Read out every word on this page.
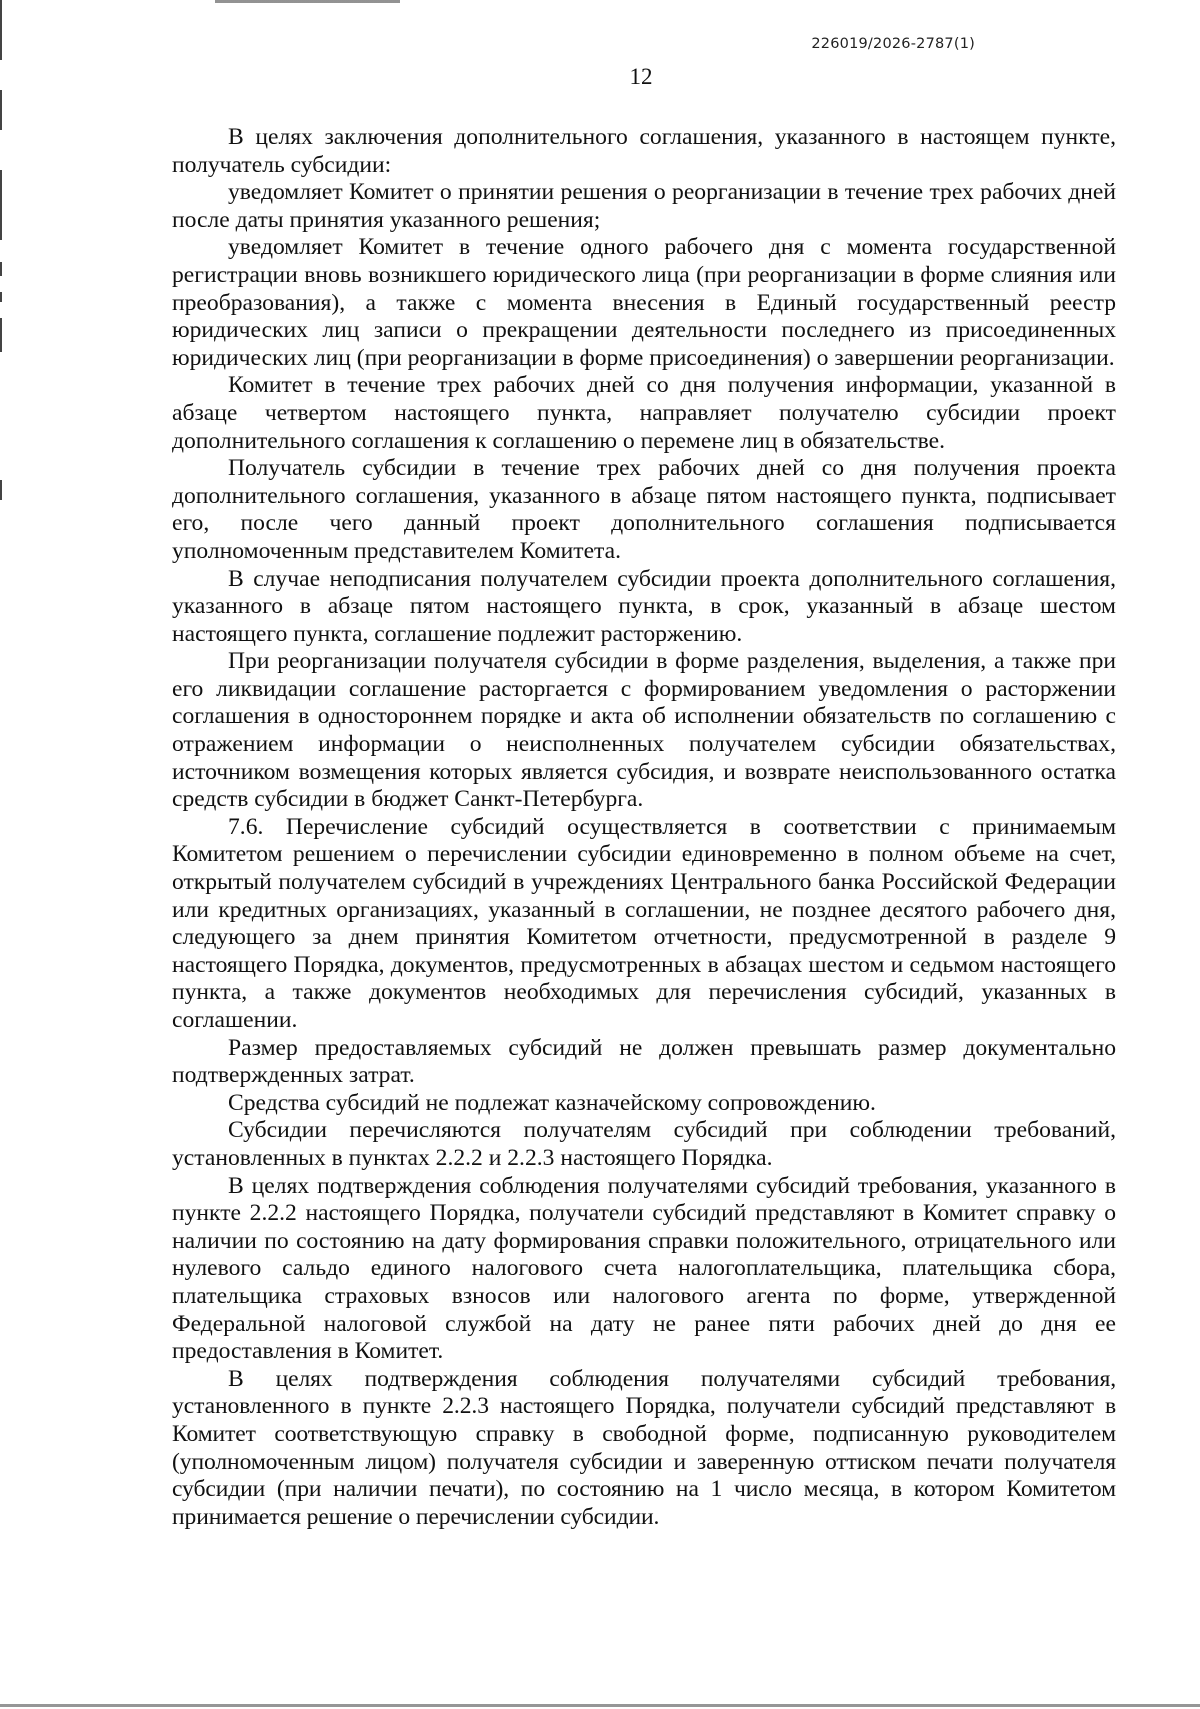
226019/2026-2787(1)
12

В целях заключения дополнительного соглашения, указанного в настоящем пункте, получатель субсидии:

уведомляет Комитет о принятии решения о реорганизации в течение трех рабочих дней после даты принятия указанного решения;

уведомляет Комитет в течение одного рабочего дня с момента государственной регистрации вновь возникшего юридического лица (при реорганизации в форме слияния или преобразования), а также с момента внесения в Единый государственный реестр юридических лиц записи о прекращении деятельности последнего из присоединенных юридических лиц (при реорганизации в форме присоединения) о завершении реорганизации.

Комитет в течение трех рабочих дней со дня получения информации, указанной в абзаце четвертом настоящего пункта, направляет получателю субсидии проект дополнительного соглашения к соглашению о перемене лиц в обязательстве.

Получатель субсидии в течение трех рабочих дней со дня получения проекта дополнительного соглашения, указанного в абзаце пятом настоящего пункта, подписывает его, после чего данный проект дополнительного соглашения подписывается уполномоченным представителем Комитета.

В случае неподписания получателем субсидии проекта дополнительного соглашения, указанного в абзаце пятом настоящего пункта, в срок, указанный в абзаце шестом настоящего пункта, соглашение подлежит расторжению.

При реорганизации получателя субсидии в форме разделения, выделения, а также при его ликвидации соглашение расторгается с формированием уведомления о расторжении соглашения в одностороннем порядке и акта об исполнении обязательств по соглашению с отражением информации о неисполненных получателем субсидии обязательствах, источником возмещения которых является субсидия, и возврате неиспользованного остатка средств субсидии в бюджет Санкт-Петербурга.

7.6. Перечисление субсидий осуществляется в соответствии с принимаемым Комитетом решением о перечислении субсидии единовременно в полном объеме на счет, открытый получателем субсидий в учреждениях Центрального банка Российской Федерации или кредитных организациях, указанный в соглашении, не позднее десятого рабочего дня, следующего за днем принятия Комитетом отчетности, предусмотренной в разделе 9 настоящего Порядка, документов, предусмотренных в абзацах шестом и седьмом настоящего пункта, а также документов необходимых для перечисления субсидий, указанных в соглашении.

Размер предоставляемых субсидий не должен превышать размер документально подтвержденных затрат.

Средства субсидий не подлежат казначейскому сопровождению.

Субсидии перечисляются получателям субсидий при соблюдении требований, установленных в пунктах 2.2.2 и 2.2.3 настоящего Порядка.

В целях подтверждения соблюдения получателями субсидий требования, указанного в пункте 2.2.2 настоящего Порядка, получатели субсидий представляют в Комитет справку о наличии по состоянию на дату формирования справки положительного, отрицательного или нулевого сальдо единого налогового счета налогоплательщика, плательщика сбора, плательщика страховых взносов или налогового агента по форме, утвержденной Федеральной налоговой службой на дату не ранее пяти рабочих дней до дня ее предоставления в Комитет.

В целях подтверждения соблюдения получателями субсидий требования, установленного в пункте 2.2.3 настоящего Порядка, получатели субсидий представляют в Комитет соответствующую справку в свободной форме, подписанную руководителем (уполномоченным лицом) получателя субсидии и заверенную оттиском печати получателя субсидии (при наличии печати), по состоянию на 1 число месяца, в котором Комитетом принимается решение о перечислении субсидии.
